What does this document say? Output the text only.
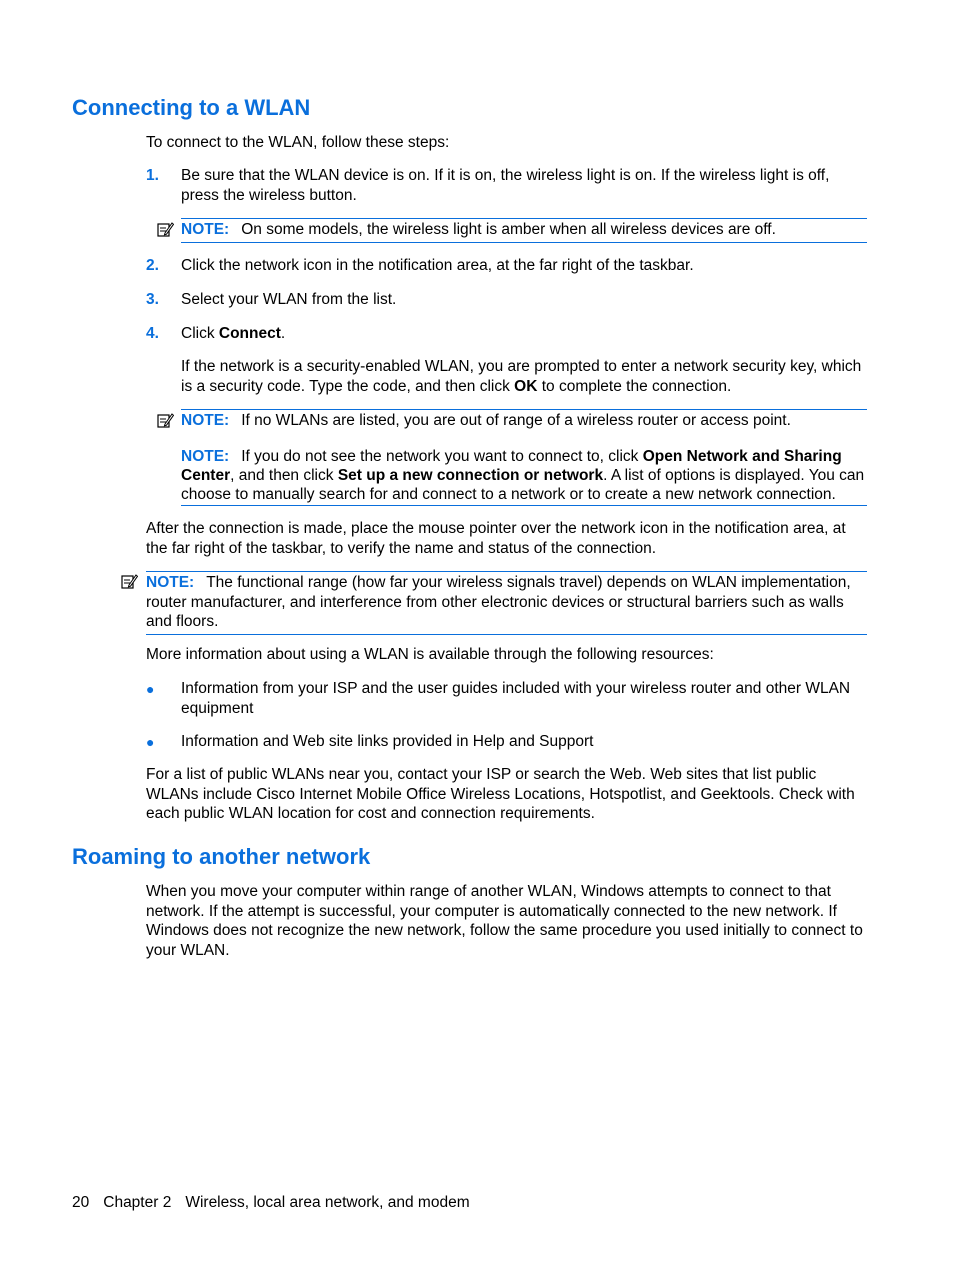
Connecting to a WLAN

To connect to the WLAN, follow these steps:

1. Be sure that the WLAN device is on. If it is on, the wireless light is on. If the wireless light is off, press the wireless button.

NOTE: On some models, the wireless light is amber when all wireless devices are off.
2. Click the network icon in the notification area, at the far right of the taskbar.

3. Select your WLAN from the list.

4. Click Connect.

If the network is a security-enabled WLAN, you are prompted to enter a network security key, which is a security code. Type the code, and then click OK to complete the connection.

NOTE: If no WLANs are listed, you are out of range of a wireless router or access point.

NOTE: If you do not see the network you want to connect to, click Open Network and Sharing Center, and then click Set up a new connection or network. A list of options is displayed. You can choose to manually search for and connect to a network or to create a new network connection.

After the connection is made, place the mouse pointer over the network icon in the notification area, at the far right of the taskbar, to verify the name and status of the connection.

NOTE: The functional range (how far your wireless signals travel) depends on WLAN implementation, router manufacturer, and interference from other electronic devices or structural barriers such as walls and floors.

More information about using a WLAN is available through the following resources:

● Information from your ISP and the user guides included with your wireless router and other WLAN equipment

● Information and Web site links provided in Help and Support

For a list of public WLANs near you, contact your ISP or search the Web. Web sites that list public WLANs include Cisco Internet Mobile Office Wireless Locations, Hotspotlist, and Geektools. Check with each public WLAN location for cost and connection requirements.

Roaming to another network

When you move your computer within range of another WLAN, Windows attempts to connect to that network. If the attempt is successful, your computer is automatically connected to the new network. If Windows does not recognize the new network, follow the same procedure you used initially to connect to your WLAN.

20 Chapter 2 Wireless, local area network, and modem
